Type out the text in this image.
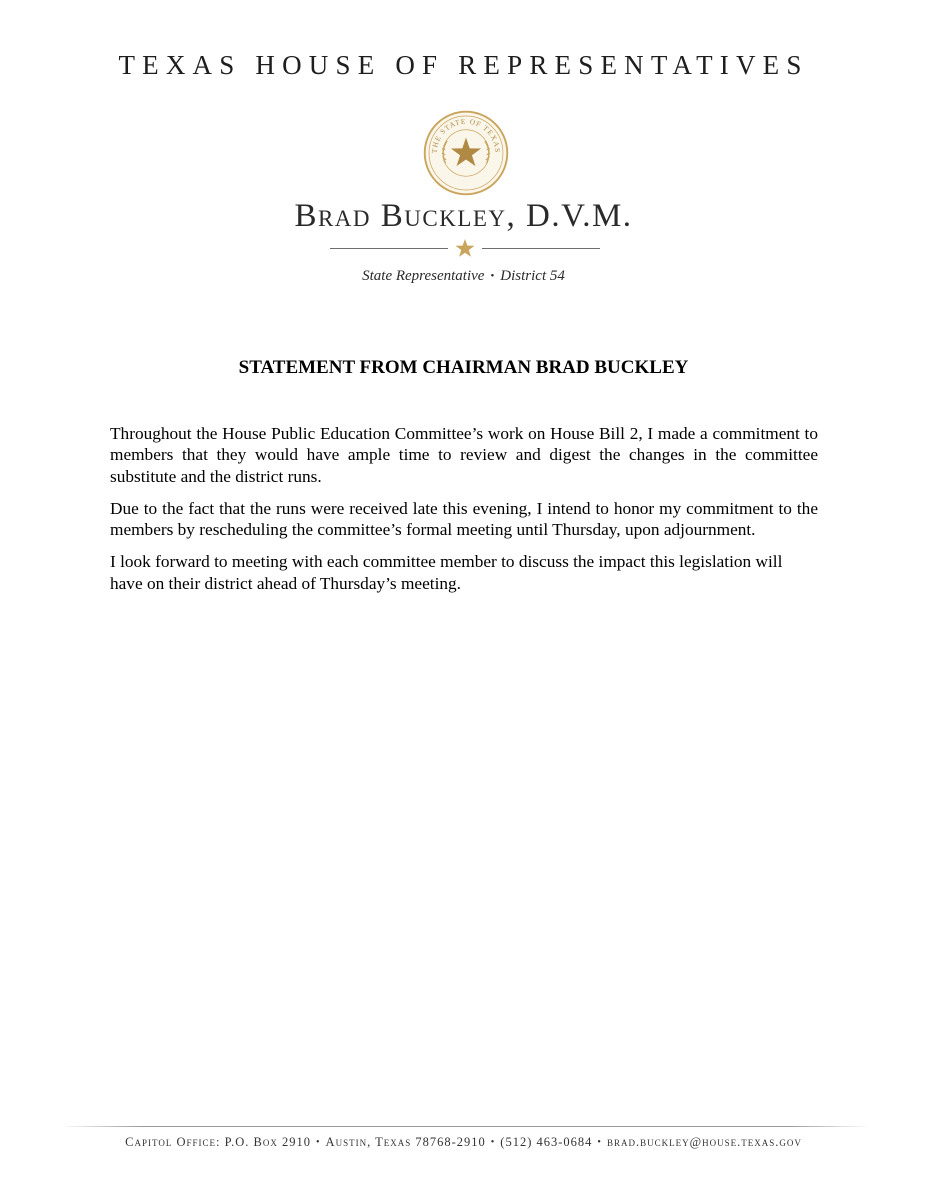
TEXAS HOUSE OF REPRESENTATIVES
THE STATE OF TEXAS
Brad Buckley, D.V.M.
State Representative • District 54
STATEMENT FROM CHAIRMAN BRAD BUCKLEY

Throughout the House Public Education Committee’s work on House Bill 2, I made a commitment to members that they would have ample time to review and digest the changes in the committee substitute and the district runs.

Due to the fact that the runs were received late this evening, I intend to honor my commitment to the members by rescheduling the committee’s formal meeting until Thursday, upon adjournment.

I look forward to meeting with each committee member to discuss the impact this legislation will have on their district ahead of Thursday’s meeting.

Capitol Office: P.O. Box 2910 • Austin, Texas 78768-2910 • (512) 463-0684 • brad.buckley@house.texas.gov
